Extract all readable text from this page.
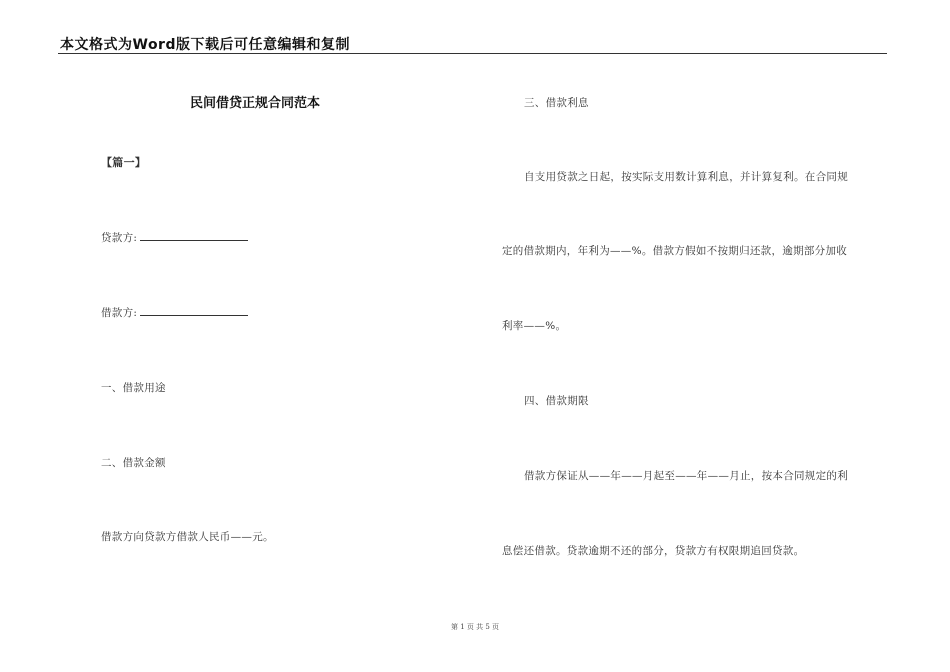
本文格式为Word版下载后可任意编辑和复制
民间借贷正规合同范本
【篇一】
贷款方:
借款方:
一、借款用途
二、借款金额
借款方向贷款方借款人民币——元。
三、借款利息
自支用贷款之日起，按实际支用数计算利息，并计算复利。在合同规
定的借款期内，年利为——%。借款方假如不按期归还款，逾期部分加收
利率——%。
四、借款期限
借款方保证从——年——月起至——年——月止，按本合同规定的利
息偿还借款。贷款逾期不还的部分，贷款方有权限期追回贷款。
第 1 页 共 5 页
